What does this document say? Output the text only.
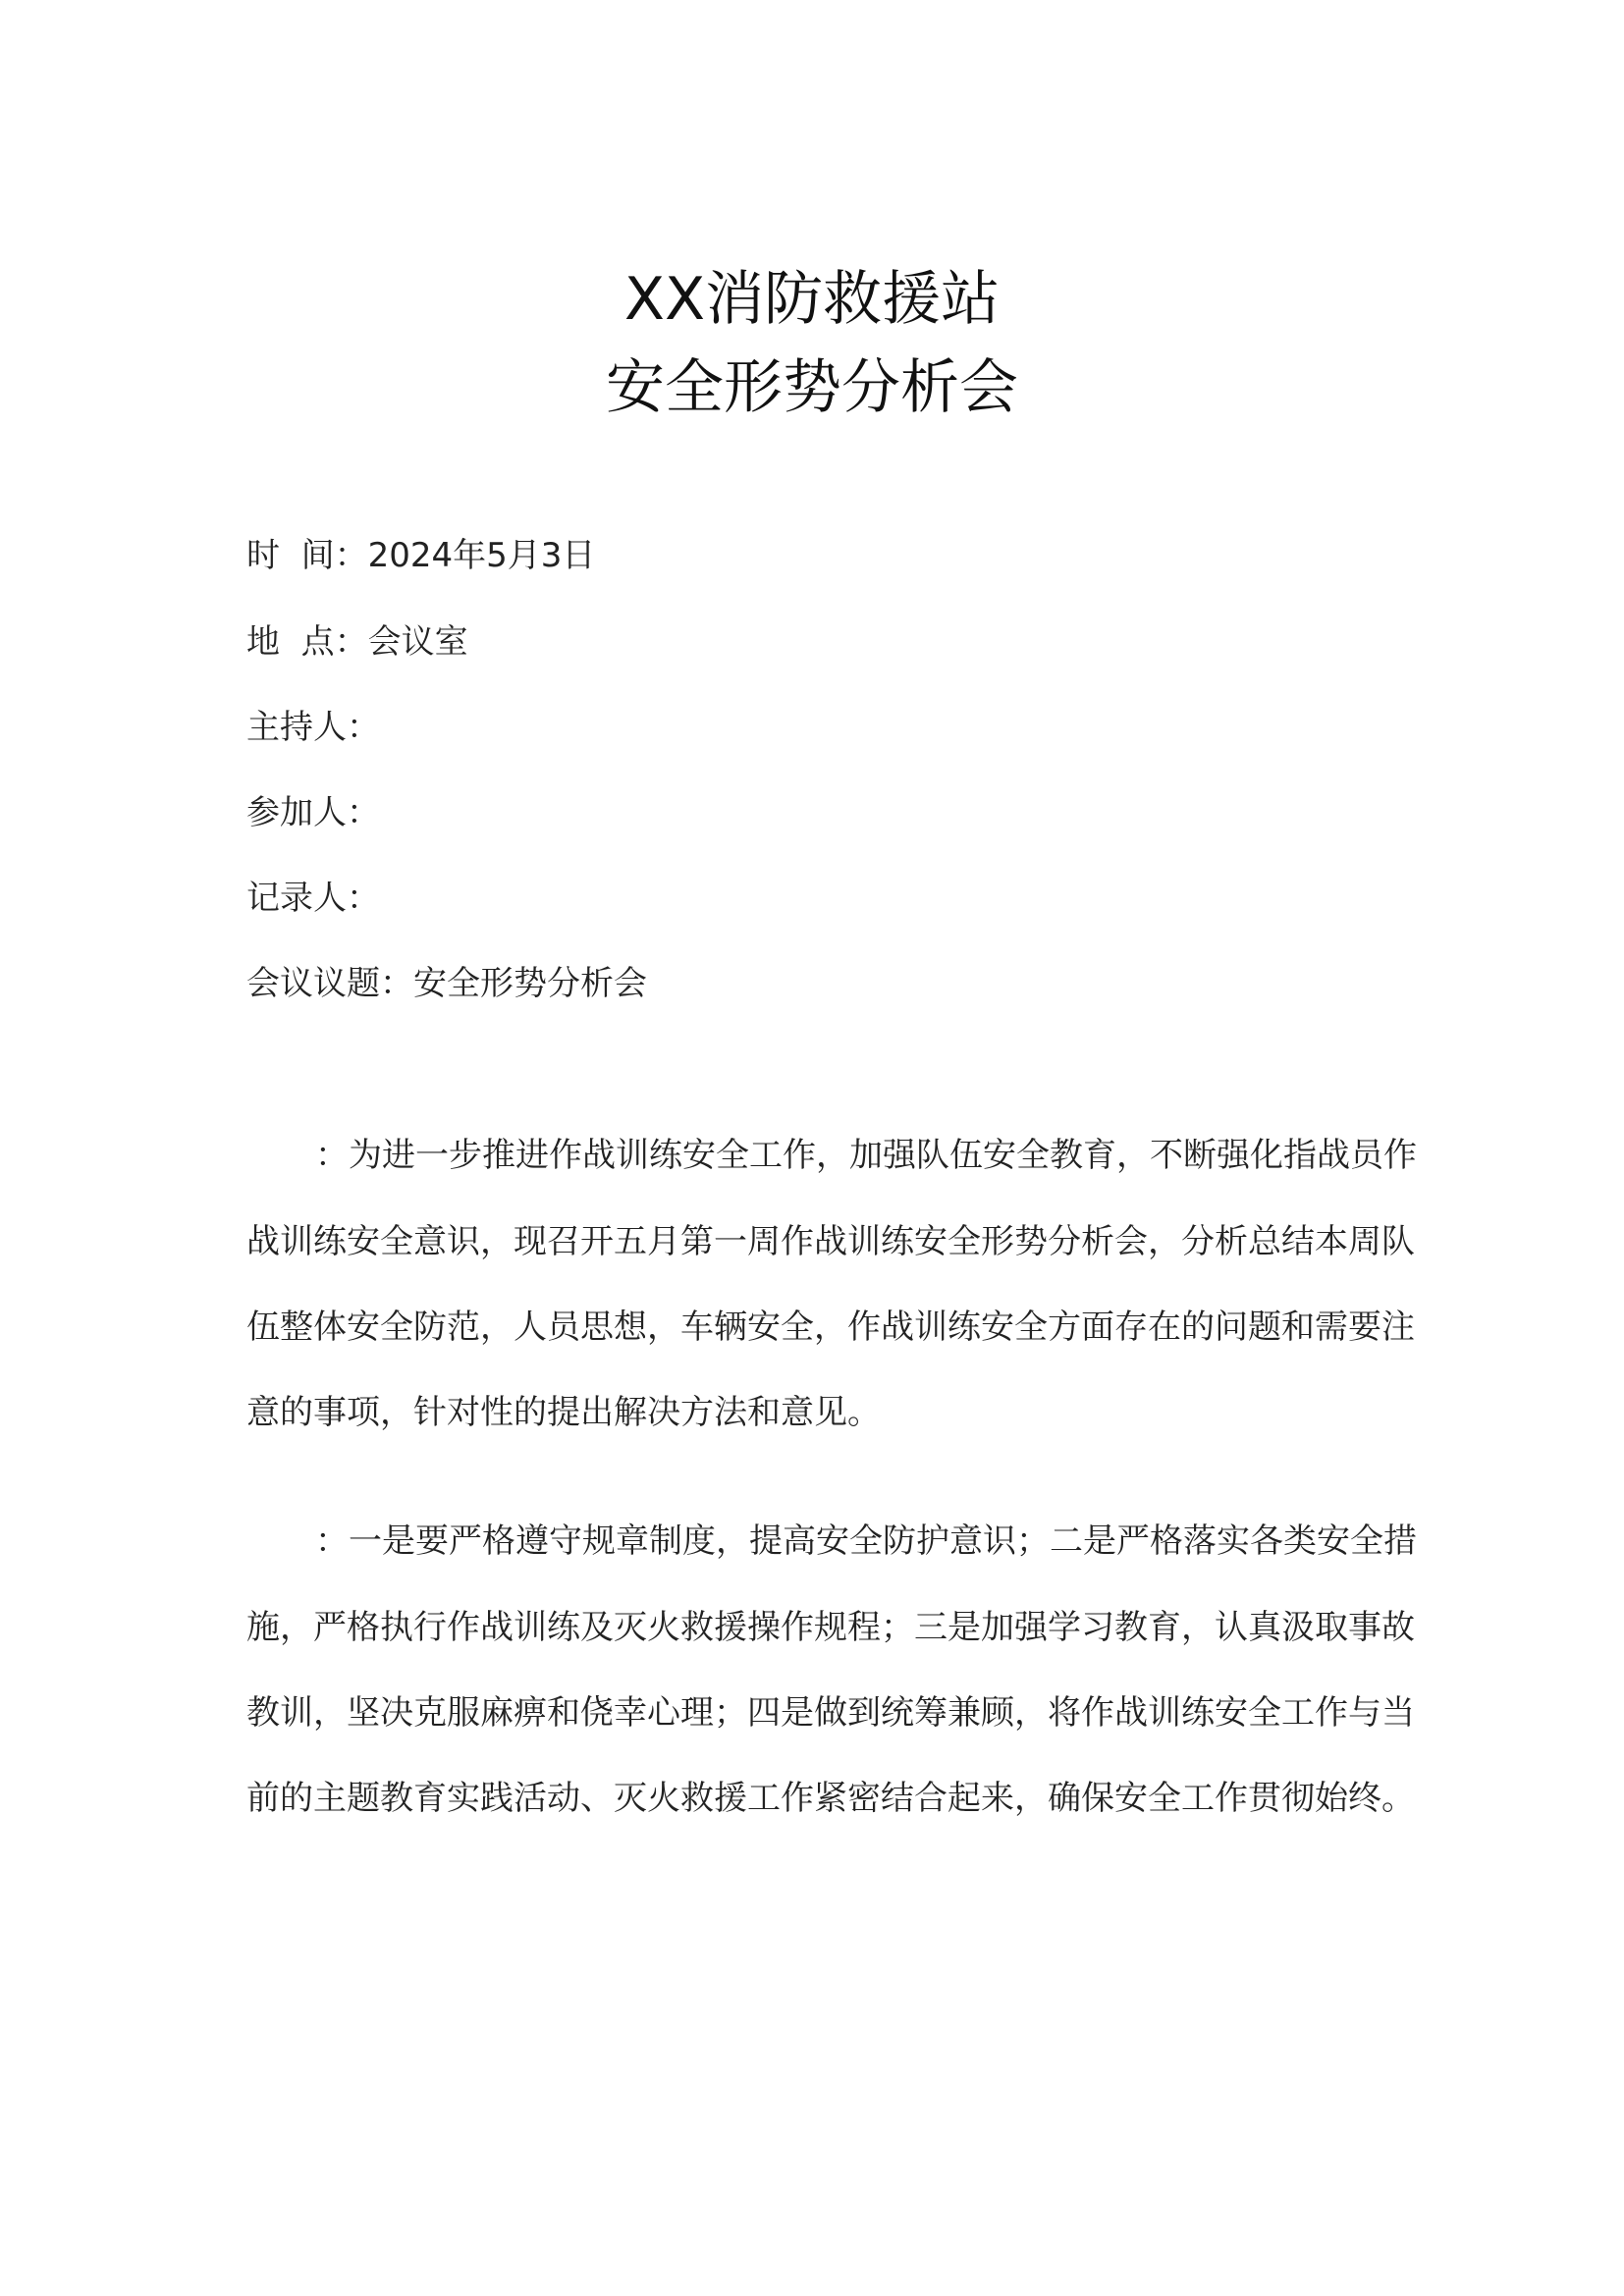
XX消防救援站
安全形势分析会
时  间：2024年5月3日
地  点：会议室
主持人：
参加人：
记录人：
会议议题：安全形势分析会
：为进一步推进作战训练安全工作，加强队伍安全教育，不断强化指战员作
战训练安全意识，现召开五月第一周作战训练安全形势分析会，分析总结本周队
伍整体安全防范，人员思想，车辆安全，作战训练安全方面存在的问题和需要注
意的事项，针对性的提出解决方法和意见。
：一是要严格遵守规章制度，提高安全防护意识；二是严格落实各类安全措
施，严格执行作战训练及灭火救援操作规程；三是加强学习教育，认真汲取事故
教训，坚决克服麻痹和侥幸心理；四是做到统筹兼顾，将作战训练安全工作与当
前的主题教育实践活动、灭火救援工作紧密结合起来，确保安全工作贯彻始终。
